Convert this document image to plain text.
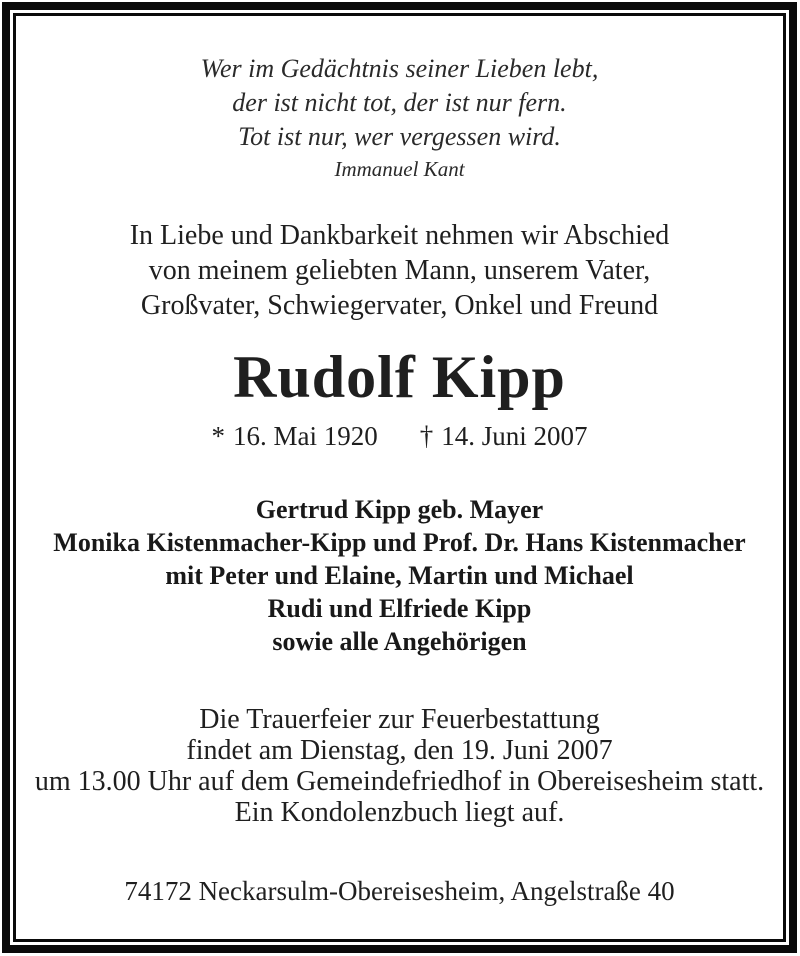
Wer im Gedächtnis seiner Lieben lebt,
der ist nicht tot, der ist nur fern.
Tot ist nur, wer vergessen wird.
Immanuel Kant
In Liebe und Dankbarkeit nehmen wir Abschied
von meinem geliebten Mann, unserem Vater,
Großvater, Schwiegervater, Onkel und Freund
Rudolf Kipp
* 16. Mai 1920 † 14. Juni 2007
Gertrud Kipp geb. Mayer
Monika Kistenmacher-Kipp und Prof. Dr. Hans Kistenmacher
mit Peter und Elaine, Martin und Michael
Rudi und Elfriede Kipp
sowie alle Angehörigen
Die Trauerfeier zur Feuerbestattung
findet am Dienstag, den 19. Juni 2007
um 13.00 Uhr auf dem Gemeindefriedhof in Obereisesheim statt.
Ein Kondolenzbuch liegt auf.
74172 Neckarsulm-Obereisesheim, Angelstraße 40
